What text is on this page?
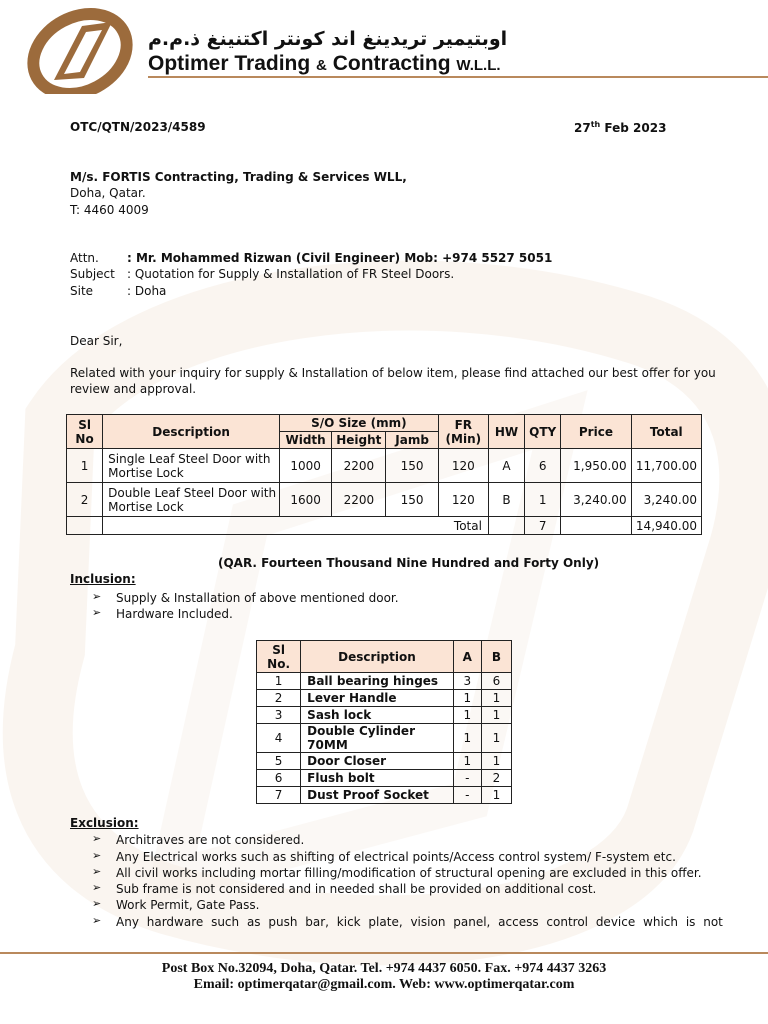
اوبتيمير تريدينغ اند كونتر اكتنينغ ذ.م.م
Optimer Trading & Contracting W.L.L.
OTC/QTN/2023/4589	27th Feb 2023
M/s. FORTIS Contracting, Trading & Services WLL,
Doha, Qatar.
T: 4460 4009
Attn. : Mr. Mohammed Rizwan (Civil Engineer) Mob: +974 5527 5051
Subject : Quotation for Supply & Installation of FR Steel Doors.
Site	: Doha
Dear Sir,
Related with your inquiry for supply & Installation of below item, please find attached our best offer for you
review and approval.
Sl No	Description	S/O Size (mm)			FR (Min)	HW	QTY	Price	Total
		Width	Height	Jamb					
1	Single Leaf Steel Door with Mortise Lock	1000	2200	150	120	A	6	1,950.00	11,700.00
2	Double Leaf Steel Door with Mortise Lock	1600	2200	150	120	B	1	3,240.00	3,240.00
	Total						7		14,940.00
(QAR. Fourteen Thousand Nine Hundred and Forty Only)
Inclusion:
➢ Supply & Installation of above mentioned door.
➢ Hardware Included.
Sl No.	Description	A	B
1	Ball bearing hinges	3	6
2	Lever Handle	1	1
3	Sash lock	1	1
4	Double Cylinder 70MM	1	1
5	Door Closer	1	1
6	Flush bolt	-	2
7	Dust Proof Socket	-	1
Exclusion:
➢ Architraves are not considered.
➢ Any Electrical works such as shifting of electrical points/Access control system/ F-system etc.
➢ All civil works including mortar filling/modification of structural opening are excluded in this offer.
➢ Sub frame is not considered and in needed shall be provided on additional cost.
➢ Work Permit, Gate Pass.
➢ Any hardware such as push bar, kick plate, vision panel, access control device which is not
Post Box No.32094, Doha, Qatar. Tel. +974 4437 6050. Fax. +974 4437 3263
Email: optimerqatar@gmail.com. Web: www.optimerqatar.com
